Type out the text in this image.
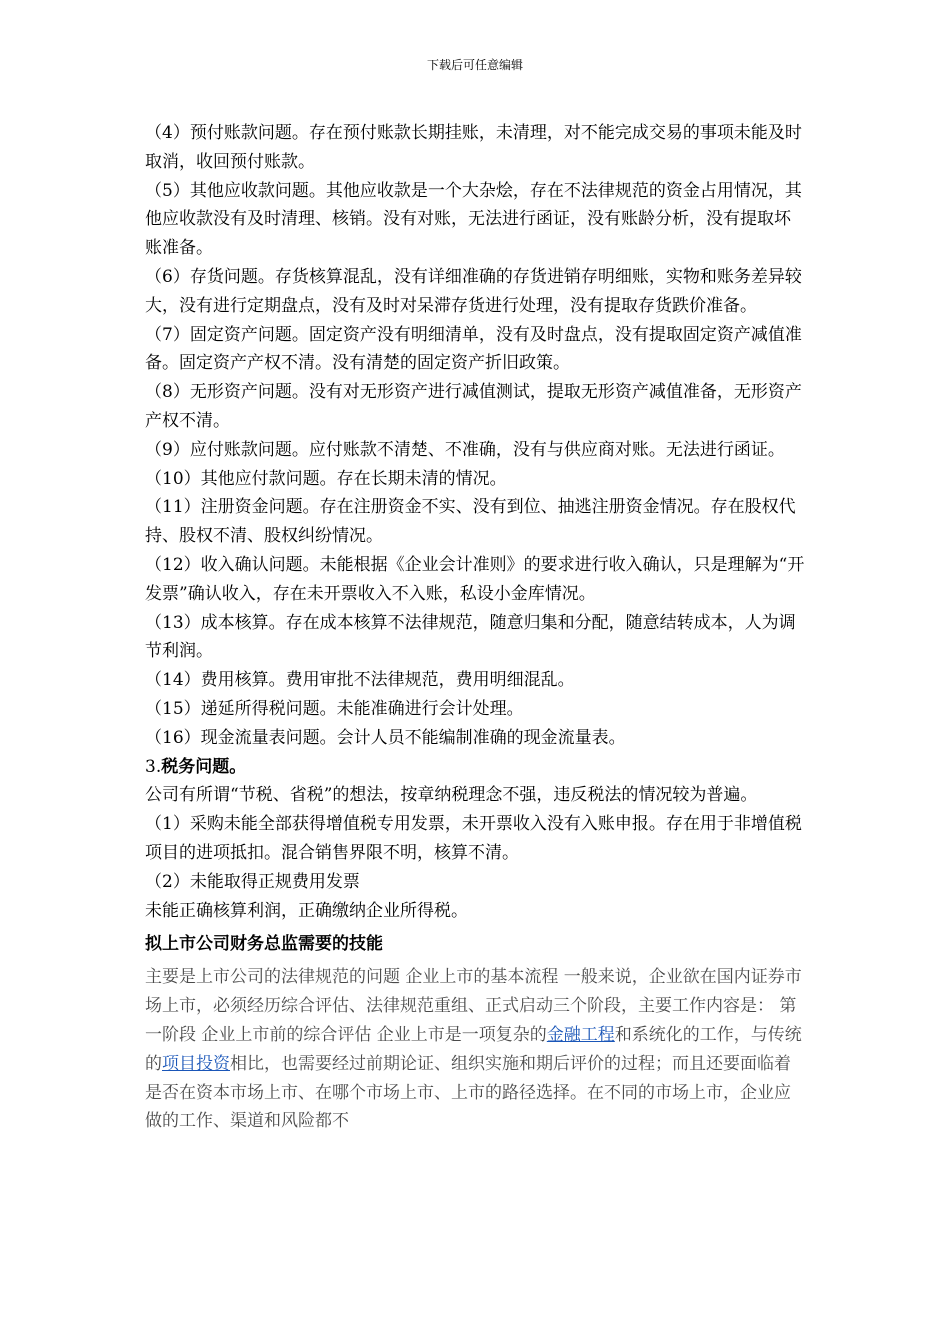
下载后可任意编辑

（4）预付账款问题。存在预付账款长期挂账，未清理，对不能完成交易的事项未能及时取消，收回预付账款。

（5）其他应收款问题。其他应收款是一个大杂烩，存在不法律规范的资金占用情况，其他应收款没有及时清理、核销。没有对账，无法进行函证，没有账龄分析，没有提取坏账准备。

（6）存货问题。存货核算混乱，没有详细准确的存货进销存明细账，实物和账务差异较大，没有进行定期盘点，没有及时对呆滞存货进行处理，没有提取存货跌价准备。

（7）固定资产问题。固定资产没有明细清单，没有及时盘点，没有提取固定资产减值准备。固定资产产权不清。没有清楚的固定资产折旧政策。

（8）无形资产问题。没有对无形资产进行减值测试，提取无形资产减值准备，无形资产产权不清。

（9）应付账款问题。应付账款不清楚、不准确，没有与供应商对账。无法进行函证。

（10）其他应付款问题。存在长期未清的情况。

（11）注册资金问题。存在注册资金不实、没有到位、抽逃注册资金情况。存在股权代持、股权不清、股权纠纷情况。

（12）收入确认问题。未能根据《企业会计准则》的要求进行收入确认，只是理解为“开发票”确认收入，存在未开票收入不入账，私设小金库情况。

（13）成本核算。存在成本核算不法律规范，随意归集和分配，随意结转成本，人为调节利润。

（14）费用核算。费用审批不法律规范，费用明细混乱。

（15）递延所得税问题。未能准确进行会计处理。

（16）现金流量表问题。会计人员不能编制准确的现金流量表。

3.税务问题。

公司有所谓“节税、省税”的想法，按章纳税理念不强，违反税法的情况较为普遍。

（1）采购未能全部获得增值税专用发票，未开票收入没有入账申报。存在用于非增值税项目的进项抵扣。混合销售界限不明，核算不清。

（2）未能取得正规费用发票

未能正确核算利润，正确缴纳企业所得税。

拟上市公司财务总监需要的技能

主要是上市公司的法律规范的问题 企业上市的基本流程 一般来说，企业欲在国内证券市场上市，必须经历综合评估、法律规范重组、正式启动三个阶段，主要工作内容是： 第一阶段 企业上市前的综合评估 企业上市是一项复杂的金融工程和系统化的工作，与传统的项目投资相比，也需要经过前期论证、组织实施和期后评价的过程；而且还要面临着是否在资本市场上市、在哪个市场上市、上市的路径选择。在不同的市场上市，企业应做的工作、渠道和风险都不
